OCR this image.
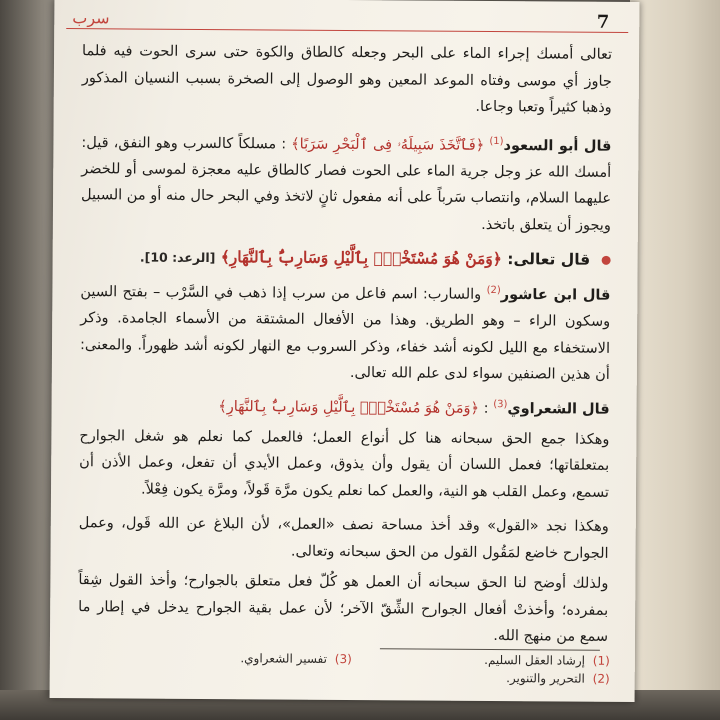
سرب	7

تعالى أمسك إجراء الماء على البحر وجعله كالطاق والكوة حتى سرى الحوت فيه فلما جاوز أي موسى وفتاه الموعد المعين وهو الوصول إلى الصخرة بسبب النسيان المذكور وذهبا كثيراً وتعبا وجاعا.

قال أبو السعود$^{(1)}$ ﴿فَٱتَّخَذَ سَبِيلَهُۥ فِى ٱلْبَحْرِ سَرَبًا﴾ : مسلكاً كالسرب وهو النفق، قيل: أمسك الله عز وجل جرية الماء على الحوت فصار كالطاق عليه معجزة لموسى أو للخضر عليهما السلام، وانتصاب سَرباً على أنه مفعول ثانٍ لاتخذ وفي البحر حال منه أو من السبيل ويجوز أن يتعلق باتخذ.

قال تعالى: ﴿وَمَنْ هُوَ مُسْتَخْفٍۭ بِٱلَّيْلِ وَسَارِبٌۢ بِٱلنَّهَارِ﴾ [الرعد: 10].

قال ابن عاشور$^{(2)}$ والسارب: اسم فاعل من سرب إذا ذهب في السَّرْب – بفتح السين وسكون الراء – وهو الطريق. وهذا من الأفعال المشتقة من الأسماء الجامدة. وذكر الاستخفاء مع الليل لكونه أشد خفاء، وذكر السروب مع النهار لكونه أشد ظهوراً. والمعنى: أن هذين الصنفين سواء لدى علم الله تعالى.

قال الشعراوي$^{(3)}$ : ﴿وَمَنْ هُوَ مُسْتَخْفٍۭ بِٱلَّيْلِ وَسَارِبٌۢ بِٱلنَّهَارِ﴾

وهكذا جمع الحق سبحانه هنا كل أنواع العمل؛ فالعمل كما نعلم هو شغل الجوارح بمتعلقاتها؛ فعمل اللسان أن يقول وأن يذوق، وعمل الأيدي أن تفعل، وعمل الأذن أن تسمع، وعمل القلب هو النية، والعمل كما نعلم يكون مرَّة قَولاً، ومرَّة يكون فِعْلاً.

وهكذا نجد «القول» وقد أخذ مساحة نصف «العمل»، لأن البلاغ عن الله قَول، وعمل الجوارح خاضع لمَقُول القول من الحق سبحانه وتعالى.

ولذلك أوضح لنا الحق سبحانه أن العمل هو كُلّ فعل متعلق بالجوارح؛ وأخذ القول شِقاً بمفرده؛ وأخذتْ أفعال الجوارح الشِّقّ الآخر؛ لأن عمل بقية الجوارح يدخل في إطار ما سمع من منهج الله.

(1) إرشاد العقل السليم.
(2) التحرير والتنوير.
(3) تفسير الشعراوي.
